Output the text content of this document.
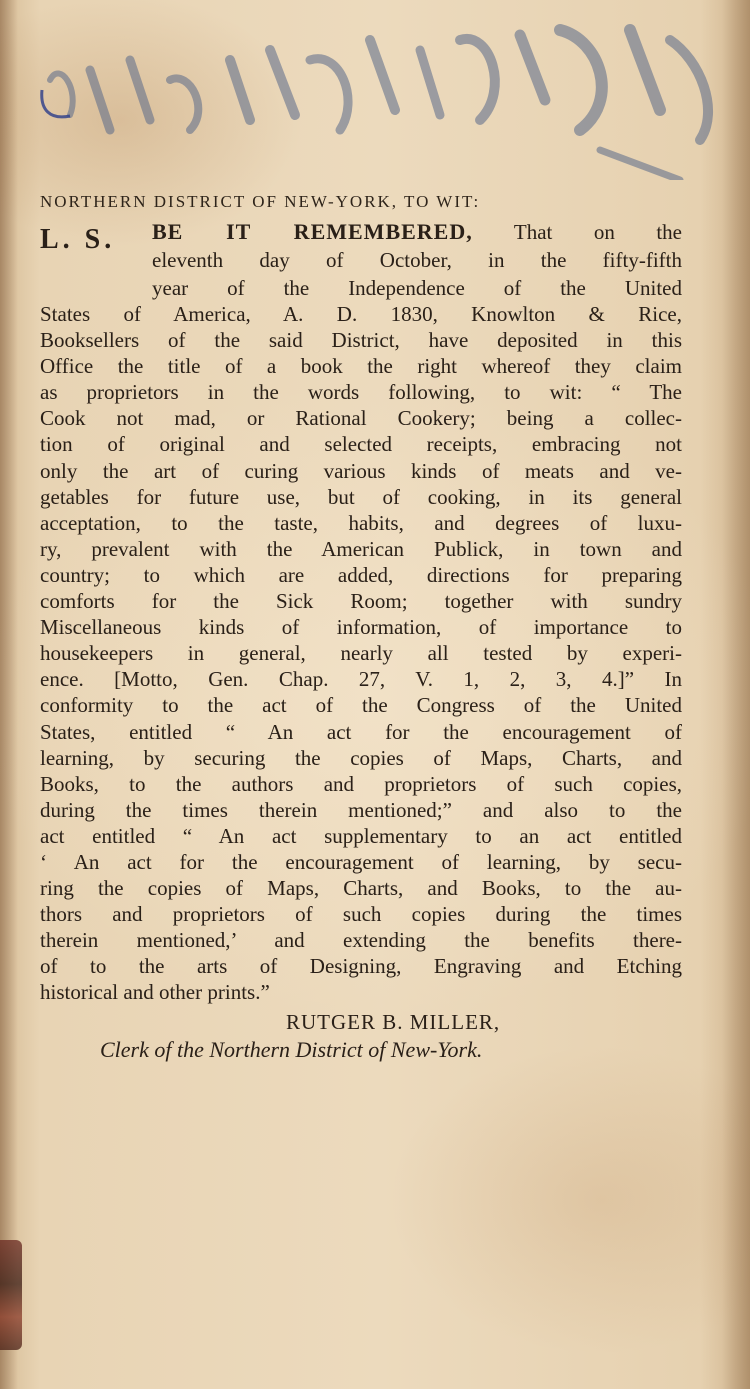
NORTHERN DISTRICT OF NEW-YORK, TO WIT:
L. S. BE IT REMEMBERED, That on the
eleventh day of October, in the fifty-fifth
year of the Independence of the United
States of America, A. D. 1830, Knowlton & Rice,
Booksellers of the said District, have deposited in this
Office the title of a book the right whereof they claim
as proprietors in the words following, to wit: “ The
Cook not mad, or Rational Cookery; being a collec-
tion of original and selected receipts, embracing not
only the art of curing various kinds of meats and ve-
getables for future use, but of cooking, in its general
acceptation, to the taste, habits, and degrees of luxu-
ry, prevalent with the American Publick, in town and
country; to which are added, directions for preparing
comforts for the Sick Room; together with sundry
Miscellaneous kinds of information, of importance to
housekeepers in general, nearly all tested by experi-
ence. [Motto, Gen. Chap. 27, V. 1, 2, 3, 4.]” In
conformity to the act of the Congress of the United
States, entitled “ An act for the encouragement of
learning, by securing the copies of Maps, Charts, and
Books, to the authors and proprietors of such copies,
during the times therein mentioned;” and also to the
act entitled “ An act supplementary to an act entitled
‘ An act for the encouragement of learning, by secu-
ring the copies of Maps, Charts, and Books, to the au-
thors and proprietors of such copies during the times
therein mentioned,’ and extending the benefits there-
of to the arts of Designing, Engraving and Etching
historical and other prints.”
RUTGER B. MILLER,
Clerk of the Northern District of New-York.
